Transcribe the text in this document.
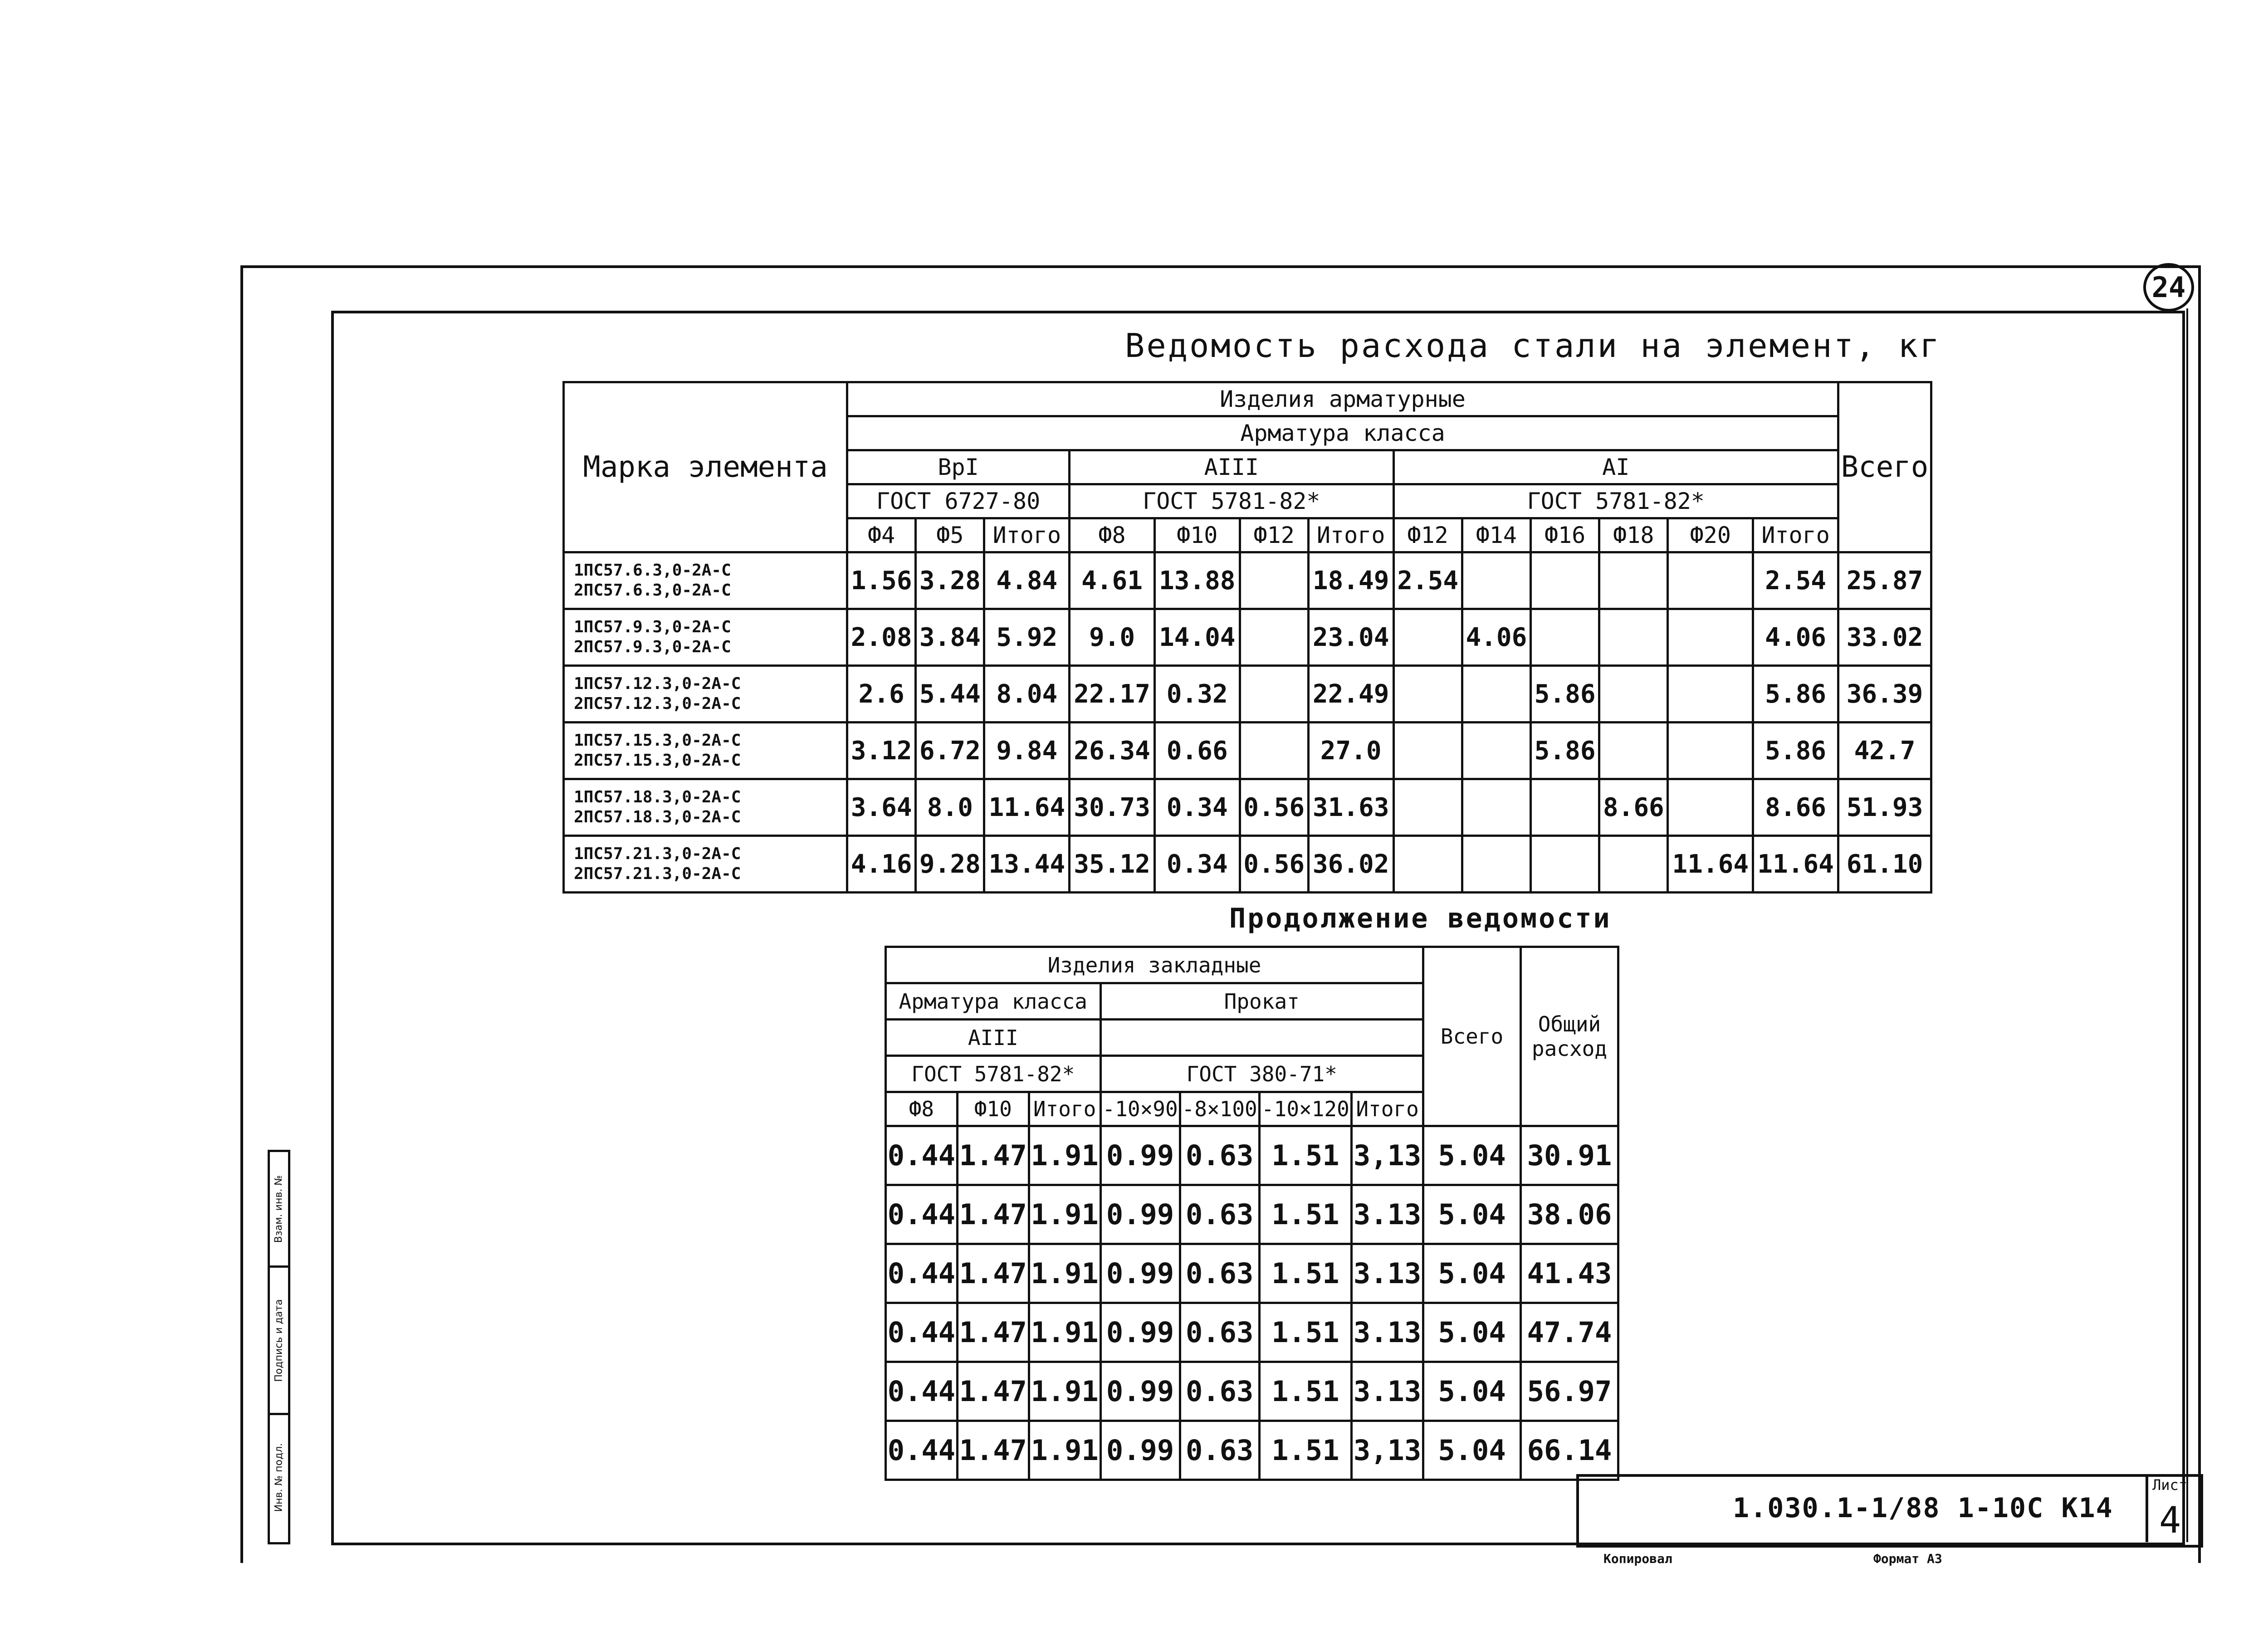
24
Ведомость расхода стали на элемент, кг
Марка элемента	Изделия арматурные													Всего
	Арматура класса													
	ВрI			АIII				АI						
	ГОСТ 6727-80			ГОСТ 5781-82*				ГОСТ 5781-82*						
	Ф4	Ф5	Итого	Ф8	Ф10	Ф12	Итого	Ф12	Ф14	Ф16	Ф18	Ф20	Итого	

1ПС57.6.3,0-2А-С
2ПС57.6.3,0-2А-С	1.56	3.28	4.84	4.61	13.88		18.49	2.54					2.54	25.87

1ПС57.9.3,0-2А-С
2ПС57.9.3,0-2А-С	2.08	3.84	5.92	9.0	14.04		23.04		4.06				4.06	33.02

1ПС57.12.3,0-2А-С
2ПС57.12.3,0-2А-С	2.6	5.44	8.04	22.17	0.32		22.49			5.86			5.86	36.39

1ПС57.15.3,0-2А-С
2ПС57.15.3,0-2А-С	3.12	6.72	9.84	26.34	0.66		27.0			5.86			5.86	42.7

1ПС57.18.3,0-2А-С
2ПС57.18.3,0-2А-С	3.64	8.0	11.64	30.73	0.34	0.56	31.63				8.66		8.66	51.93

1ПС57.21.3,0-2А-С
2ПС57.21.3,0-2А-С	4.16	9.28	13.44	35.12	0.34	0.56	36.02					11.64	11.64	61.10
Продолжение ведомости
Изделия закладные							Всего	Общий расход
Арматура класса			Прокат					
АIII								
ГОСТ 5781-82*			ГОСТ 380-71*					
Ф8	Ф10	Итого	-10×90	-8×100	-10×120	Итого		
0.44	1.47	1.91	0.99	0.63	1.51	3,13	5.04	30.91
0.44	1.47	1.91	0.99	0.63	1.51	3.13	5.04	38.06
0.44	1.47	1.91	0.99	0.63	1.51	3.13	5.04	41.43
0.44	1.47	1.91	0.99	0.63	1.51	3.13	5.04	47.74
0.44	1.47	1.91	0.99	0.63	1.51	3.13	5.04	56.97
0.44	1.47	1.91	0.99	0.63	1.51	3,13	5.04	66.14
Взам. инв. №
Подпись и дата
Инв. № подл.	1.030.1-1/88 1-10С К14
Лист
4
Копировал	Формат А3
